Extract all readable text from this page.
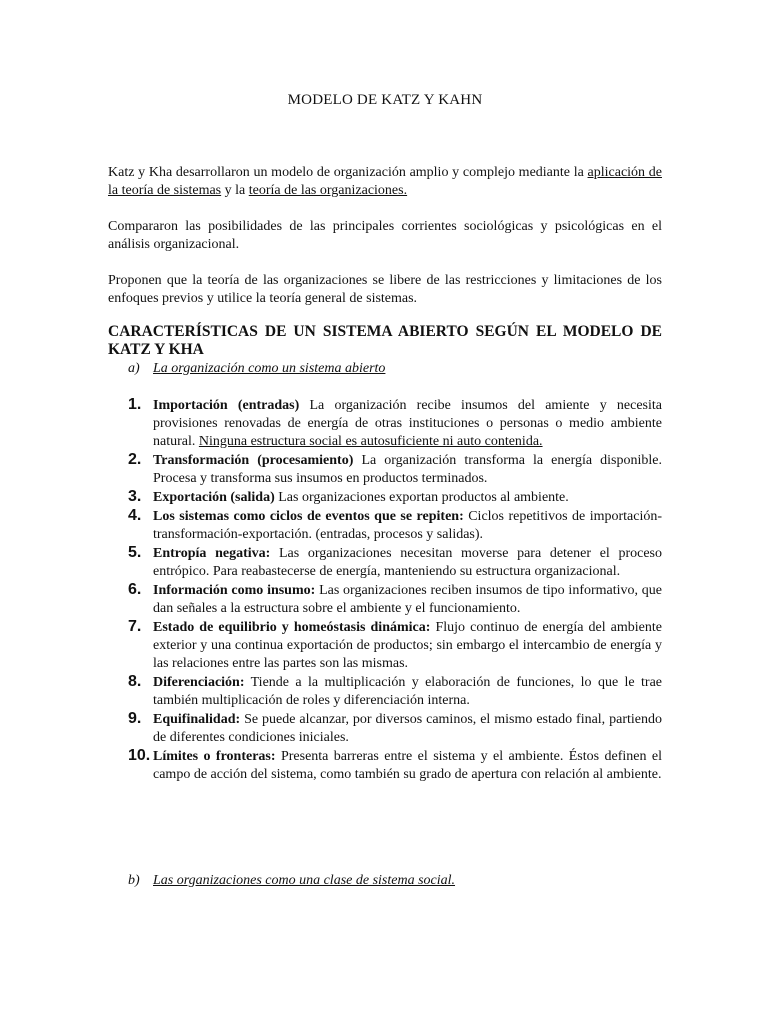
MODELO DE KATZ Y KAHN

Katz y Kha desarrollaron un modelo de organización amplio y complejo mediante la aplicación de la teoría de sistemas y la teoría de las organizaciones.

Compararon las posibilidades de las principales corrientes sociológicas y psicológicas en el análisis organizacional.

Proponen que la teoría de las organizaciones se libere de las restricciones y limitaciones de los enfoques previos y utilice la teoría general de sistemas.

CARACTERÍSTICAS DE UN SISTEMA ABIERTO SEGÚN EL MODELO DE KATZ Y KHA

a) La organización como un sistema abierto
1. Importación (entradas) La organización recibe insumos del amiente y necesita provisiones renovadas de energía de otras instituciones o personas o medio ambiente natural. Ninguna estructura social es autosuficiente ni auto contenida.
2. Transformación (procesamiento) La organización transforma la energía disponible. Procesa y transforma sus insumos en productos terminados.
3. Exportación (salida) Las organizaciones exportan productos al ambiente.
4. Los sistemas como ciclos de eventos que se repiten: Ciclos repetitivos de importación-transformación-exportación. (entradas, procesos y salidas).
5. Entropía negativa: Las organizaciones necesitan moverse para detener el proceso entrópico. Para reabastecerse de energía, manteniendo su estructura organizacional.
6. Información como insumo: Las organizaciones reciben insumos de tipo informativo, que dan señales a la estructura sobre el ambiente y el funcionamiento.
7. Estado de equilibrio y homeóstasis dinámica: Flujo continuo de energía del ambiente exterior y una continua exportación de productos; sin embargo el intercambio de energía y las relaciones entre las partes son las mismas.
8. Diferenciación: Tiende a la multiplicación y elaboración de funciones, lo que le trae también multiplicación de roles y diferenciación interna.
9. Equifinalidad: Se puede alcanzar, por diversos caminos, el mismo estado final, partiendo de diferentes condiciones iniciales.
10. Límites o fronteras: Presenta barreras entre el sistema y el ambiente. Éstos definen el campo de acción del sistema, como también su grado de apertura con relación al ambiente.
b) Las organizaciones como una clase de sistema social.
